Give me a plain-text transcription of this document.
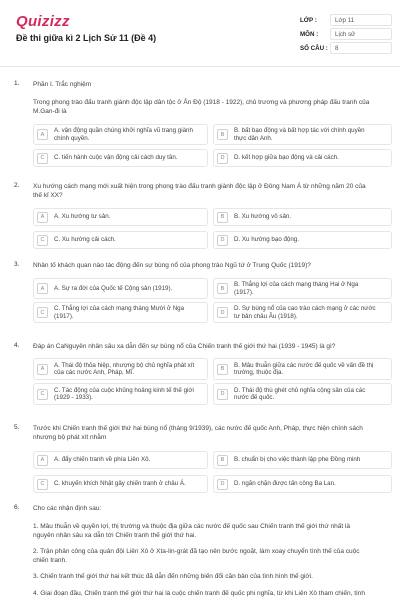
Quizizz
Đề thi giữa kì 2 Lịch Sử 11 (Đề 4)
LỚP :	Lớp 11
MÔN :	Lịch sử
SỐ CÂU :	8
1. Phần I. Trắc nghiệm
Trong phong trào đấu tranh giành độc lập dân tộc ở Ấn Độ (1918 - 1922), chủ trương và phương pháp đấu tranh của
M.Gan-đi là
A
A. vận động quần chúng khởi nghĩa vũ trang giành
chính quyền.	B
B. bất bạo động và bất hợp tác với chính quyền
thực dân Anh.
C	C. tiến hành cuộc vận động cải cách duy tân.	D	D. kết hợp giữa bạo động và cải cách.
2. Xu hướng cách mạng mới xuất hiện trong phong trào đấu tranh giành độc lập ở Đông Nam Á từ những năm 20 của
thế kỉ XX?
A	A. Xu hướng tư sản.	B	B. Xu hướng vô sản.
C	C. Xu hướng cải cách.	D	D. Xu hướng bạo động.
3. Nhân tố khách quan nào tác động đến sự bùng nổ của phong trào Ngũ tứ ở Trung Quốc (1919)?
A	A. Sự ra đời của Quốc tế Cộng sản (1919).	B
B. Thắng lợi của cách mạng tháng Hai ở Nga
(1917).
C
C. Thắng lợi của cách mạng tháng Mười ở Nga
(1917).	D
D. Sự bùng nổ của cao trào cách mạng ở các nước
tư bản châu Âu (1918).
4. Đáp án CaNguyên nhân sâu xa dẫn đến sự bùng nổ của Chiến tranh thế giới thứ hai (1939 - 1945) là gì?
A
A. Thái độ thỏa hiệp, nhượng bộ chủ nghĩa phát xít
của các nước Anh, Pháp, Mĩ.	B
B. Mâu thuẫn giữa các nước đế quốc về vấn đề thị
trường, thuộc địa.
C
C. Tác động của cuộc khủng hoảng kinh tế thế giới
(1929 - 1933).	D
D. Thái độ thù ghét chủ nghĩa cộng sản của các
nước đế quốc.
5. Trước khi Chiến tranh thế giới thứ hai bùng nổ (tháng 9/1939), các nước đế quốc Anh, Pháp, thực hiện chính sách
nhượng bộ phát xít nhằm
A	A. đẩy chiến tranh về phía Liên Xô.	B	B. chuẩn bị cho việc thành lập phe Đồng minh
C	C. khuyến khích Nhật gây chiến tranh ở châu Á.	D	D. ngăn chặn được tấn công Ba Lan.
6. Cho các nhận định sau:
1. Mâu thuẫn về quyền lợi, thị trường và thuộc địa giữa các nước đế quốc sau Chiến tranh thế giới thứ nhất là
nguyên nhân sâu xa dẫn tới Chiến tranh thế giới thứ hai.
2. Trận phản công của quân đội Liên Xô ở Xta-lin-grát đã tạo nên bước ngoặt, làm xoay chuyển tình thế của cuộc
chiến tranh.
3. Chiến tranh thế giới thứ hai kết thúc đã dẫn đến những biến đổi căn bản của tình hình thế giới.
4. Giai đoạn đầu, Chiến tranh thế giới thứ hai là cuộc chiến tranh đế quốc phi nghĩa, từ khi Liên Xô tham chiến, tính
